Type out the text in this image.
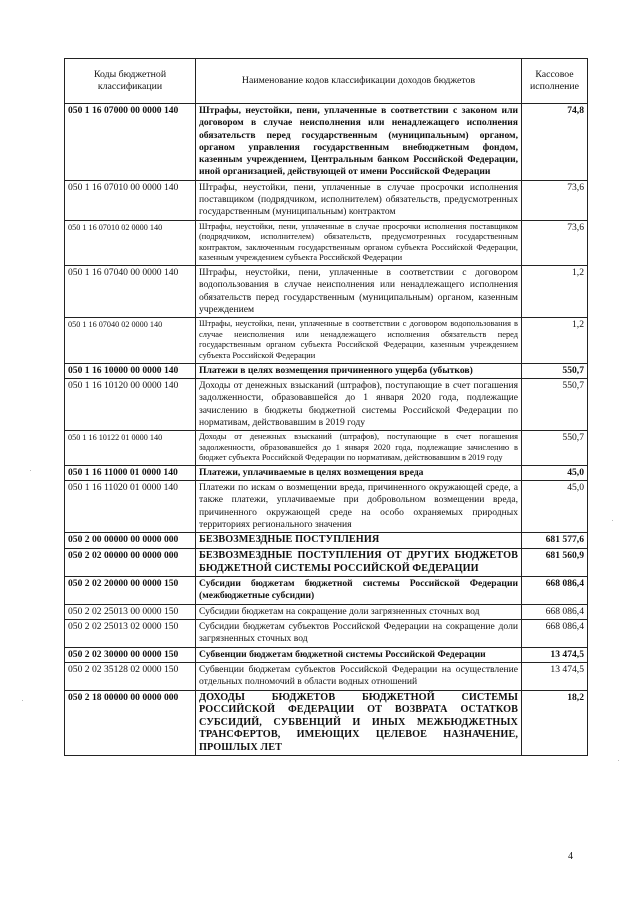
Коды бюджетной классификации	Наименование кодов классификации доходов бюджетов	Кассовое исполнение
050 1 16 07000 00 0000 140	Штрафы, неустойки, пени, уплаченные в соответствии с законом или договором в случае неисполнения или ненадлежащего исполнения обязательств перед государственным (муниципальным) органом, органом управления государственным внебюджетным фондом, казенным учреждением, Центральным банком Российской Федерации, иной организацией, действующей от имени Российской Федерации	74,8
050 1 16 07010 00 0000 140	Штрафы, неустойки, пени, уплаченные в случае просрочки исполнения поставщиком (подрядчиком, исполнителем) обязательств, предусмотренных государственным (муниципальным) контрактом	73,6
050 1 16 07010 02 0000 140	Штрафы, неустойки, пени, уплаченные в случае просрочки исполнения поставщиком (подрядчиком, исполнителем) обязательств, предусмотренных государственным контрактом, заключенным государственным органом субъекта Российской Федерации, казенным учреждением субъекта Российской Федерации	73,6
050 1 16 07040 00 0000 140	Штрафы, неустойки, пени, уплаченные в соответствии с договором водопользования в случае неисполнения или ненадлежащего исполнения обязательств перед государственным (муниципальным) органом, казенным учреждением	1,2
050 1 16 07040 02 0000 140	Штрафы, неустойки, пени, уплаченные в соответствии с договором водопользования в случае неисполнения или ненадлежащего исполнения обязательств перед государственным органом субъекта Российской Федерации, казенным учреждением субъекта Российской Федерации	1,2
050 1 16 10000 00 0000 140	Платежи в целях возмещения причиненного ущерба (убытков)	550,7
050 1 16 10120 00 0000 140	Доходы от денежных взысканий (штрафов), поступающие в счет погашения задолженности, образовавшейся до 1 января 2020 года, подлежащие зачислению в бюджеты бюджетной системы Российской Федерации по нормативам, действовавшим в 2019 году	550,7
050 1 16 10122 01 0000 140	Доходы от денежных взысканий (штрафов), поступающие в счет погашения задолженности, образовавшейся до 1 января 2020 года, подлежащие зачислению в бюджет субъекта Российской Федерации по нормативам, действовавшим в 2019 году	550,7
050 1 16 11000 01 0000 140	Платежи, уплачиваемые в целях возмещения вреда	45,0
050 1 16 11020 01 0000 140	Платежи по искам о возмещении вреда, причиненного окружающей среде, а также платежи, уплачиваемые при добровольном возмещении вреда, причиненного окружающей среде на особо охраняемых природных территориях регионального значения	45,0
050 2 00 00000 00 0000 000	БЕЗВОЗМЕЗДНЫЕ ПОСТУПЛЕНИЯ	681 577,6
050 2 02 00000 00 0000 000	БЕЗВОЗМЕЗДНЫЕ ПОСТУПЛЕНИЯ ОТ ДРУГИХ БЮДЖЕТОВ БЮДЖЕТНОЙ СИСТЕМЫ РОССИЙСКОЙ ФЕДЕРАЦИИ	681 560,9
050 2 02 20000 00 0000 150	Субсидии бюджетам бюджетной системы Российской Федерации (межбюджетные субсидии)	668 086,4
050 2 02 25013 00 0000 150	Субсидии бюджетам на сокращение доли загрязненных сточных вод	668 086,4
050 2 02 25013 02 0000 150	Субсидии бюджетам субъектов Российской Федерации на сокращение доли загрязненных сточных вод	668 086,4
050 2 02 30000 00 0000 150	Субвенции бюджетам бюджетной системы Российской Федерации	13 474,5
050 2 02 35128 02 0000 150	Субвенции бюджетам субъектов Российской Федерации на осуществление отдельных полномочий в области водных отношений	13 474,5
050 2 18 00000 00 0000 000	ДОХОДЫ БЮДЖЕТОВ БЮДЖЕТНОЙ СИСТЕМЫ РОССИЙСКОЙ ФЕДЕРАЦИИ ОТ ВОЗВРАТА ОСТАТКОВ СУБСИДИЙ, СУБВЕНЦИЙ И ИНЫХ МЕЖБЮДЖЕТНЫХ ТРАНСФЕРТОВ, ИМЕЮЩИХ ЦЕЛЕВОЕ НАЗНАЧЕНИЕ, ПРОШЛЫХ ЛЕТ	18,2
4
